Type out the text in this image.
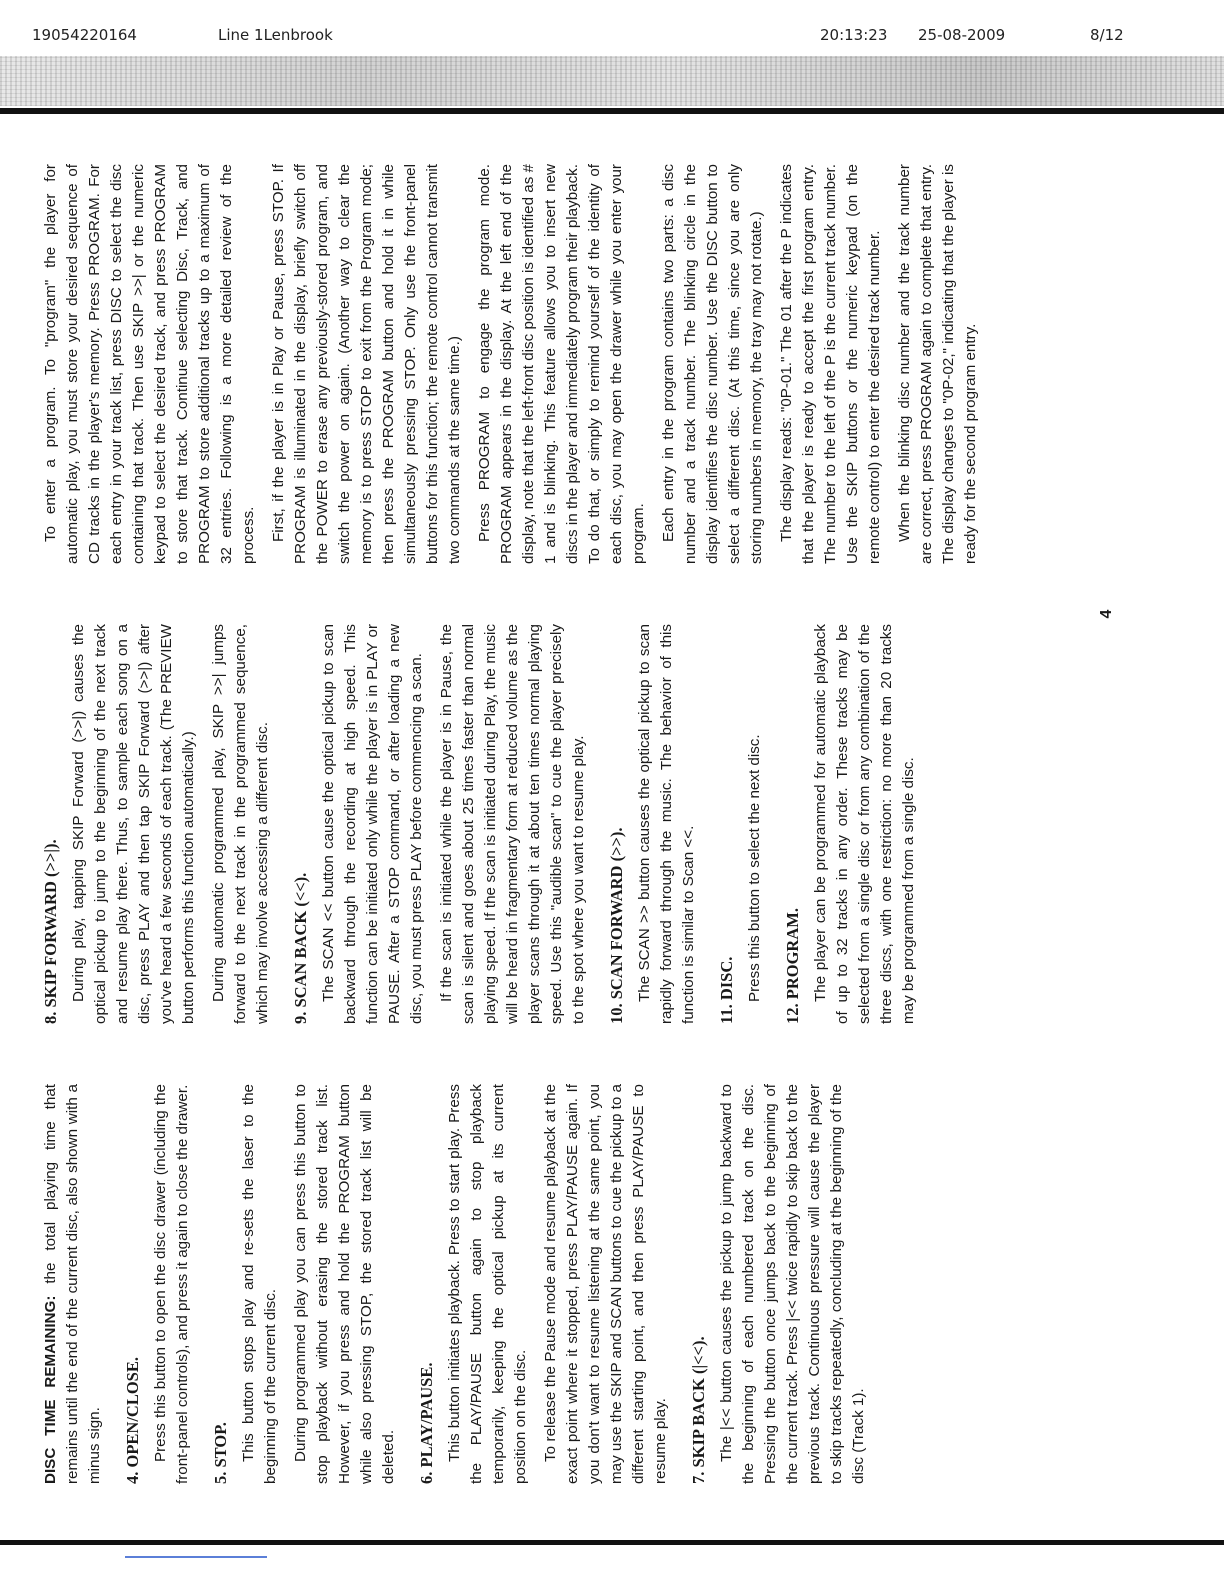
19054220164	Line 1Lenbrook	20:13:23 25-08-2009	8/12

DISC TIME REMAINING: the total playing time that remains until the end of the current disc, also shown with a minus sign. 4. OPEN/CLOSE. Press this button to open the disc drawer (including the front-panel controls), and press it again to close the drawer. 5. STOP. This button stops play and re-sets the laser to the beginning of the current disc. During programmed play you can press this button to stop playback without erasing the stored track list. However, if you press and hold the PROGRAM button while also pressing STOP, the stored track list will be deleted. 6. PLAY/PAUSE. This button initiates playback. Press to start play. Press the PLAY/PAUSE button again to stop playback temporarily, keeping the optical pickup at its current position on the disc. To release the Pause mode and resume playback at the exact point where it stopped, press PLAY/PAUSE again. If you don't want to resume listening at the same point, you may use the SKIP and SCAN buttons to cue the pickup to a different starting point, and then press PLAY/PAUSE to resume play. 7. SKIP BACK (|<<). The |<< button causes the pickup to jump backward to the beginning of each numbered track on the disc. Pressing the button once jumps back to the beginning of the current track. Press |<< twice rapidly to skip back to the previous track. Continuous pressure will cause the player to skip tracks repeatedly, concluding at the beginning of the disc (Track 1).

8. SKIP FORWARD (>>|). During play, tapping SKIP Forward (>>|) causes the optical pickup to jump to the beginning of the next track and resume play there. Thus, to sample each song on a disc, press PLAY and then tap SKIP Forward (>>|) after you've heard a few seconds of each track. (The PREVIEW button performs this function automatically.) During automatic programmed play, SKIP >>| jumps forward to the next track in the programmed sequence, which may involve accessing a different disc. 9. SCAN BACK (<<). The SCAN << button cause the optical pickup to scan backward through the recording at high speed. This function can be initiated only while the player is in PLAY or PAUSE. After a STOP command, or after loading a new disc, you must press PLAY before commencing a scan. If the scan is initiated while the player is in Pause, the scan is silent and goes about 25 times faster than normal playing speed. If the scan is initiated during Play, the music will be heard in fragmentary form at reduced volume as the player scans through it at about ten times normal playing speed. Use this "audible scan" to cue the player precisely to the spot where you want to resume play. 10. SCAN FORWARD (>>). The SCAN >> button causes the optical pickup to scan rapidly forward through the music. The behavior of this function is similar to Scan <<. 11. DISC. Press this button to select the next disc. 12. PROGRAM. The player can be programmed for automatic playback of up to 32 tracks in any order. These tracks may be selected from a single disc or from any combination of the three discs, with one restriction: no more than 20 tracks may be programmed from a single disc.

To enter a program. To "program" the player for automatic play, you must store your desired sequence of CD tracks in the player's memory. Press PROGRAM. For each entry in your track list, press DISC to select the disc containing that track. Then use SKIP >>| or the numeric keypad to select the desired track, and press PROGRAM to store that track. Continue selecting Disc, Track, and PROGRAM to store additional tracks up to a maximum of 32 entries. Following is a more detailed review of the process. First, if the player is in Play or Pause, press STOP. If PROGRAM is illuminated in the display, briefly switch off the POWER to erase any previously-stored program, and switch the power on again. (Another way to clear the memory is to press STOP to exit from the Program mode; then press the PROGRAM button and hold it in while simultaneously pressing STOP. Only use the front-panel buttons for this function; the remote control cannot transmit two commands at the same time.) Press PROGRAM to engage the program mode. PROGRAM appears in the display. At the left end of the display, note that the left-front disc position is identified as # 1 and is blinking. This feature allows you to insert new discs in the player and immediately program their playback. To do that, or simply to remind yourself of the identity of each disc, you may open the drawer while you enter your program. Each entry in the program contains two parts: a disc number and a track number. The blinking circle in the display identifies the disc number. Use the DISC button to select a different disc. (At this time, since you are only storing numbers in memory, the tray may not rotate.) The display reads: "0P-01." The 01 after the P indicates that the player is ready to accept the first program entry. The number to the left of the P is the current track number. Use the SKIP buttons or the numeric keypad (on the remote control) to enter the desired track number. When the blinking disc number and the track number are correct, press PROGRAM again to complete that entry. The display changes to "0P-02," indicating that the player is ready for the second program entry.

4
